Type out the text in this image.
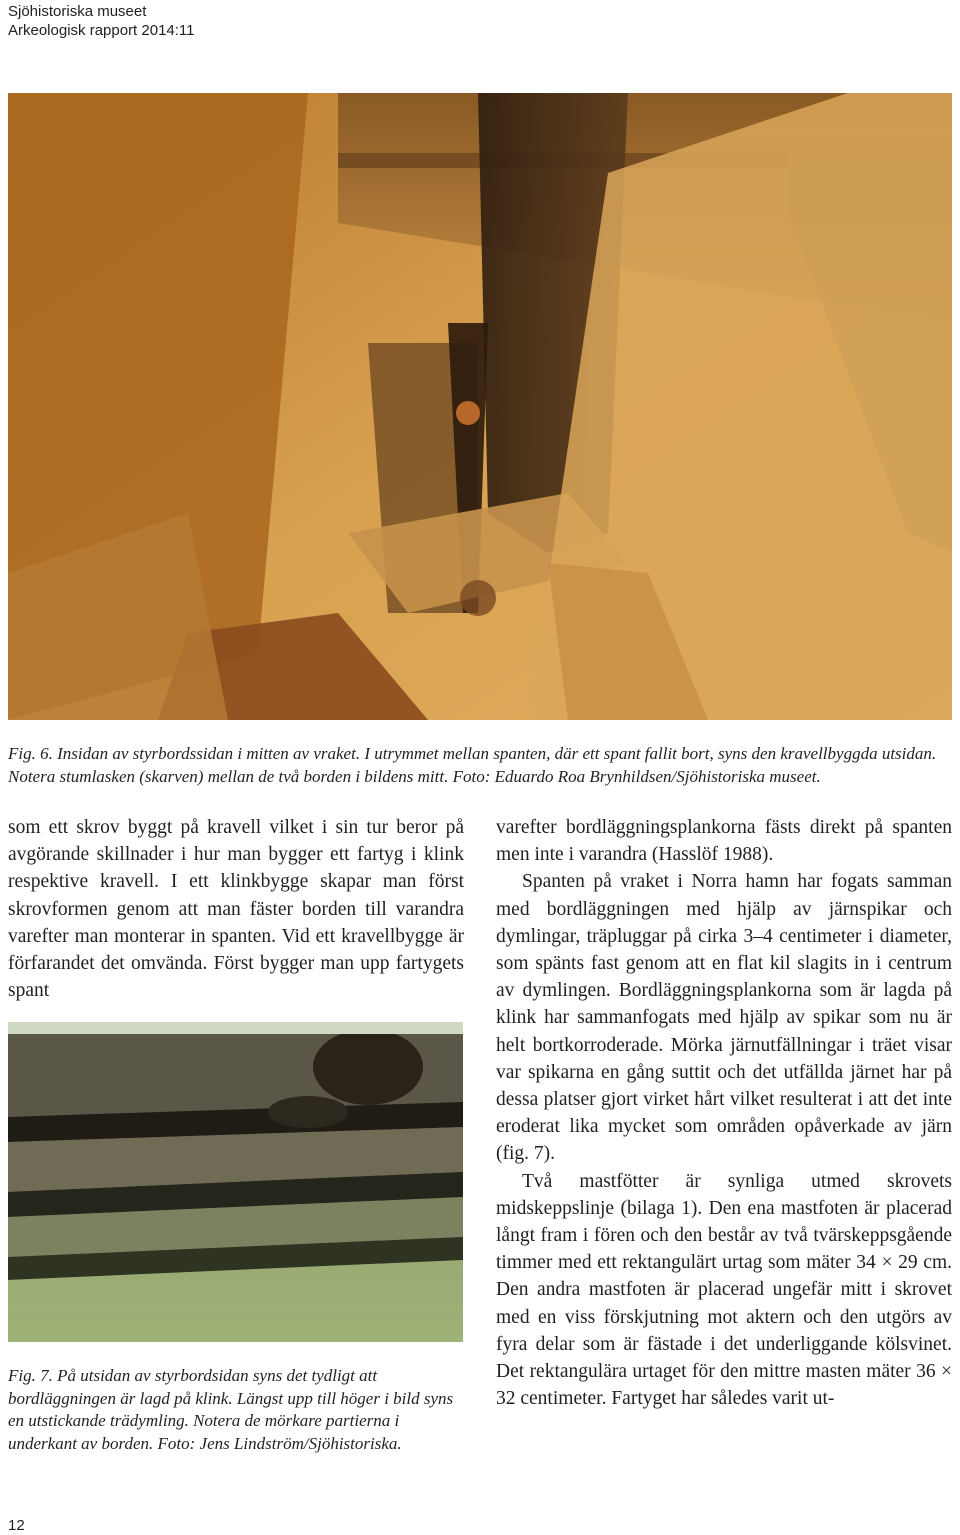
Sjöhistoriska museet
Arkeologisk rapport 2014:11
Fig. 6. Insidan av styrbordssidan i mitten av vraket. I utrymmet mellan spanten, där ett spant fallit bort, syns den kravellbyggda utsidan. Notera stumlasken (skarven) mellan de två borden i bildens mitt. Foto: Eduardo Roa Brynhildsen/Sjöhistoriska museet.

som ett skrov byggt på kravell vilket i sin tur beror på avgörande skillnader i hur man bygger ett fartyg i klink respektive kravell. I ett klinkbygge skapar man först skrovformen genom att man fäster borden till varandra varefter man monterar in spanten. Vid ett kravellbygge är förfarandet det omvända. Först bygger man upp fartygets spant

Fig. 7. På utsidan av styrbordsidan syns det tydligt att bordläggningen är lagd på klink. Längst upp till höger i bild syns en utstickande trädymling. Notera de mörkare partierna i underkant av borden. Foto: Jens Lindström/Sjöhistoriska.

varefter bordläggningsplankorna fästs direkt på spanten men inte i varandra (Hasslöf 1988).

Spanten på vraket i Norra hamn har fogats samman med bordläggningen med hjälp av järnspikar och dymlingar, träpluggar på cirka 3–4 centimeter i diameter, som spänts fast genom att en flat kil slagits in i centrum av dymlingen. Bordläggningsplankorna som är lagda på klink har sammanfogats med hjälp av spikar som nu är helt bortkorroderade. Mörka järnutfällningar i träet visar var spikarna en gång suttit och det utfällda järnet har på dessa platser gjort virket hårt vilket resulterat i att det inte eroderat lika mycket som områden opåverkade av järn (fig. 7).

Två mastfötter är synliga utmed skrovets midskeppslinje (bilaga 1). Den ena mastfoten är placerad långt fram i fören och den består av två tvärskeppsgående timmer med ett rektangulärt urtag som mäter 34 × 29 cm. Den andra mastfoten är placerad ungefär mitt i skrovet med en viss förskjutning mot aktern och den utgörs av fyra delar som är fästade i det underliggande kölsvinet. Det rektangulära urtaget för den mittre masten mäter 36 × 32 centimeter. Fartyget har således varit ut-

12
